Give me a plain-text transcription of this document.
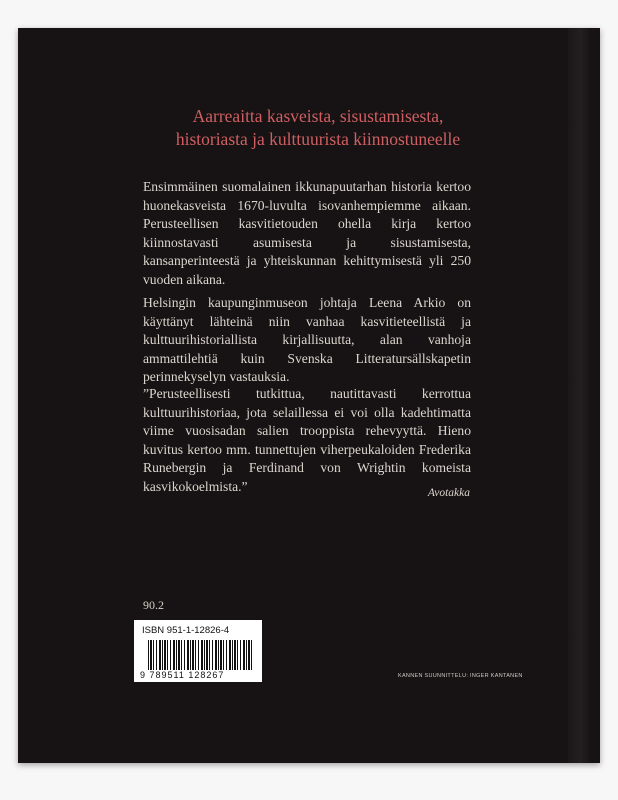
Aarreaitta kasveista, sisustamisesta,
historiasta ja kulttuurista kiinnostuneelle

Ensimmäinen suomalainen ikkunapuutarhan historia kertoo huonekasveista 1670-luvulta isovanhempiemme aikaan. Perusteellisen kasvitietouden ohella kirja kertoo kiinnostavasti asumisesta ja sisustamisesta, kansanperinteestä ja yhteiskunnan kehittymisestä yli 250 vuoden aikana.

Helsingin kaupunginmuseon johtaja Leena Arkio on käyttänyt lähteinä niin vanhaa kasvitieteellistä ja kulttuurihistoriallista kirjallisuutta, alan vanhoja ammattilehtiä kuin Svenska Litteratursällskapetin perinnekyselyn vastauksia.

”Perusteellisesti tutkittua, nautittavasti kerrottua kulttuurihistoriaa, jota selaillessa ei voi olla kadehtimatta viime vuosisadan salien trooppista rehevyyttä. Hieno kuvitus kertoo mm. tunnettujen viherpeukaloiden Frederika Runebergin ja Ferdinand von Wrightin komeista kasvikokoelmista.”	Avotakka
90.2
ISBN 951-1-12826-4
9 789511 128267	KANNEN SUUNNITTELU: INGER KANTANEN
